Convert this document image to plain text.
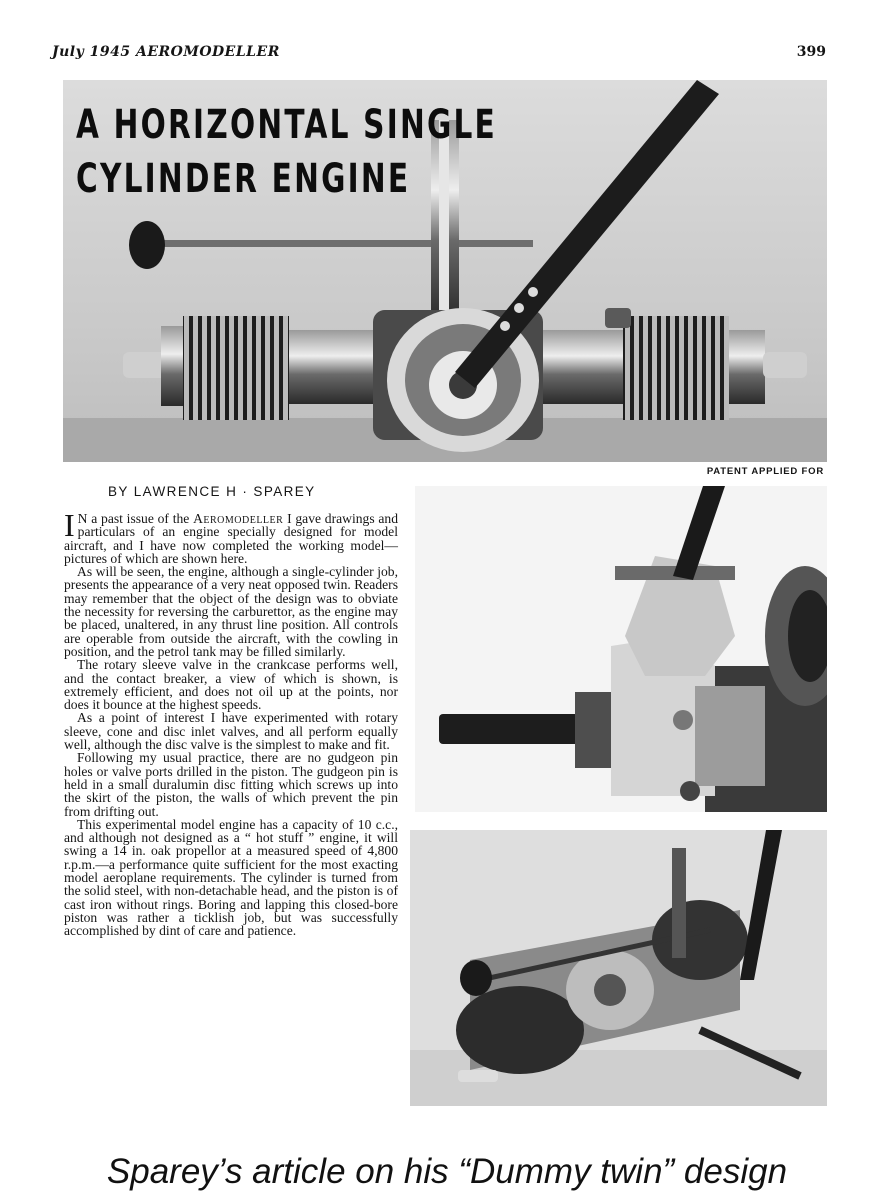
July 1945 AEROMODELLER	399
A HORIZONTAL SINGLE
CYLINDER ENGINE
PATENT APPLIED FOR
BY LAWRENCE H · SPAREY

I N a past issue of the Aeromodeller I gave drawings and particulars of an engine specially designed for model aircraft, and I have now completed the working model—pictures of which are shown here.

As will be seen, the engine, although a single-cylinder job, presents the appearance of a very neat opposed twin. Readers may remember that the object of the design was to obviate the necessity for reversing the carburettor, as the engine may be placed, unaltered, in any thrust line position. All controls are operable from outside the aircraft, with the cowling in position, and the petrol tank may be filled similarly.

The rotary sleeve valve in the crankcase performs well, and the contact breaker, a view of which is shown, is extremely efficient, and does not oil up at the points, nor does it bounce at the highest speeds.

As a point of interest I have experimented with rotary sleeve, cone and disc inlet valves, and all perform equally well, although the disc valve is the simplest to make and fit.

Following my usual practice, there are no gudgeon pin holes or valve ports drilled in the piston. The gudgeon pin is held in a small duralumin disc fitting which screws up into the skirt of the piston, the walls of which prevent the pin from drifting out.

This experimental model engine has a capacity of 10 c.c., and although not designed as a “ hot stuff ” engine, it will swing a 14 in. oak propellor at a measured speed of 4,800 r.p.m.—a performance quite sufficient for the most exacting model aeroplane requirements. The cylinder is turned from the solid steel, with non-detachable head, and the piston is of cast iron without rings. Boring and lapping this closed-bore piston was rather a ticklish job, but was successfully accomplished by dint of care and patience.

Sparey’s article on his “Dummy twin” design
